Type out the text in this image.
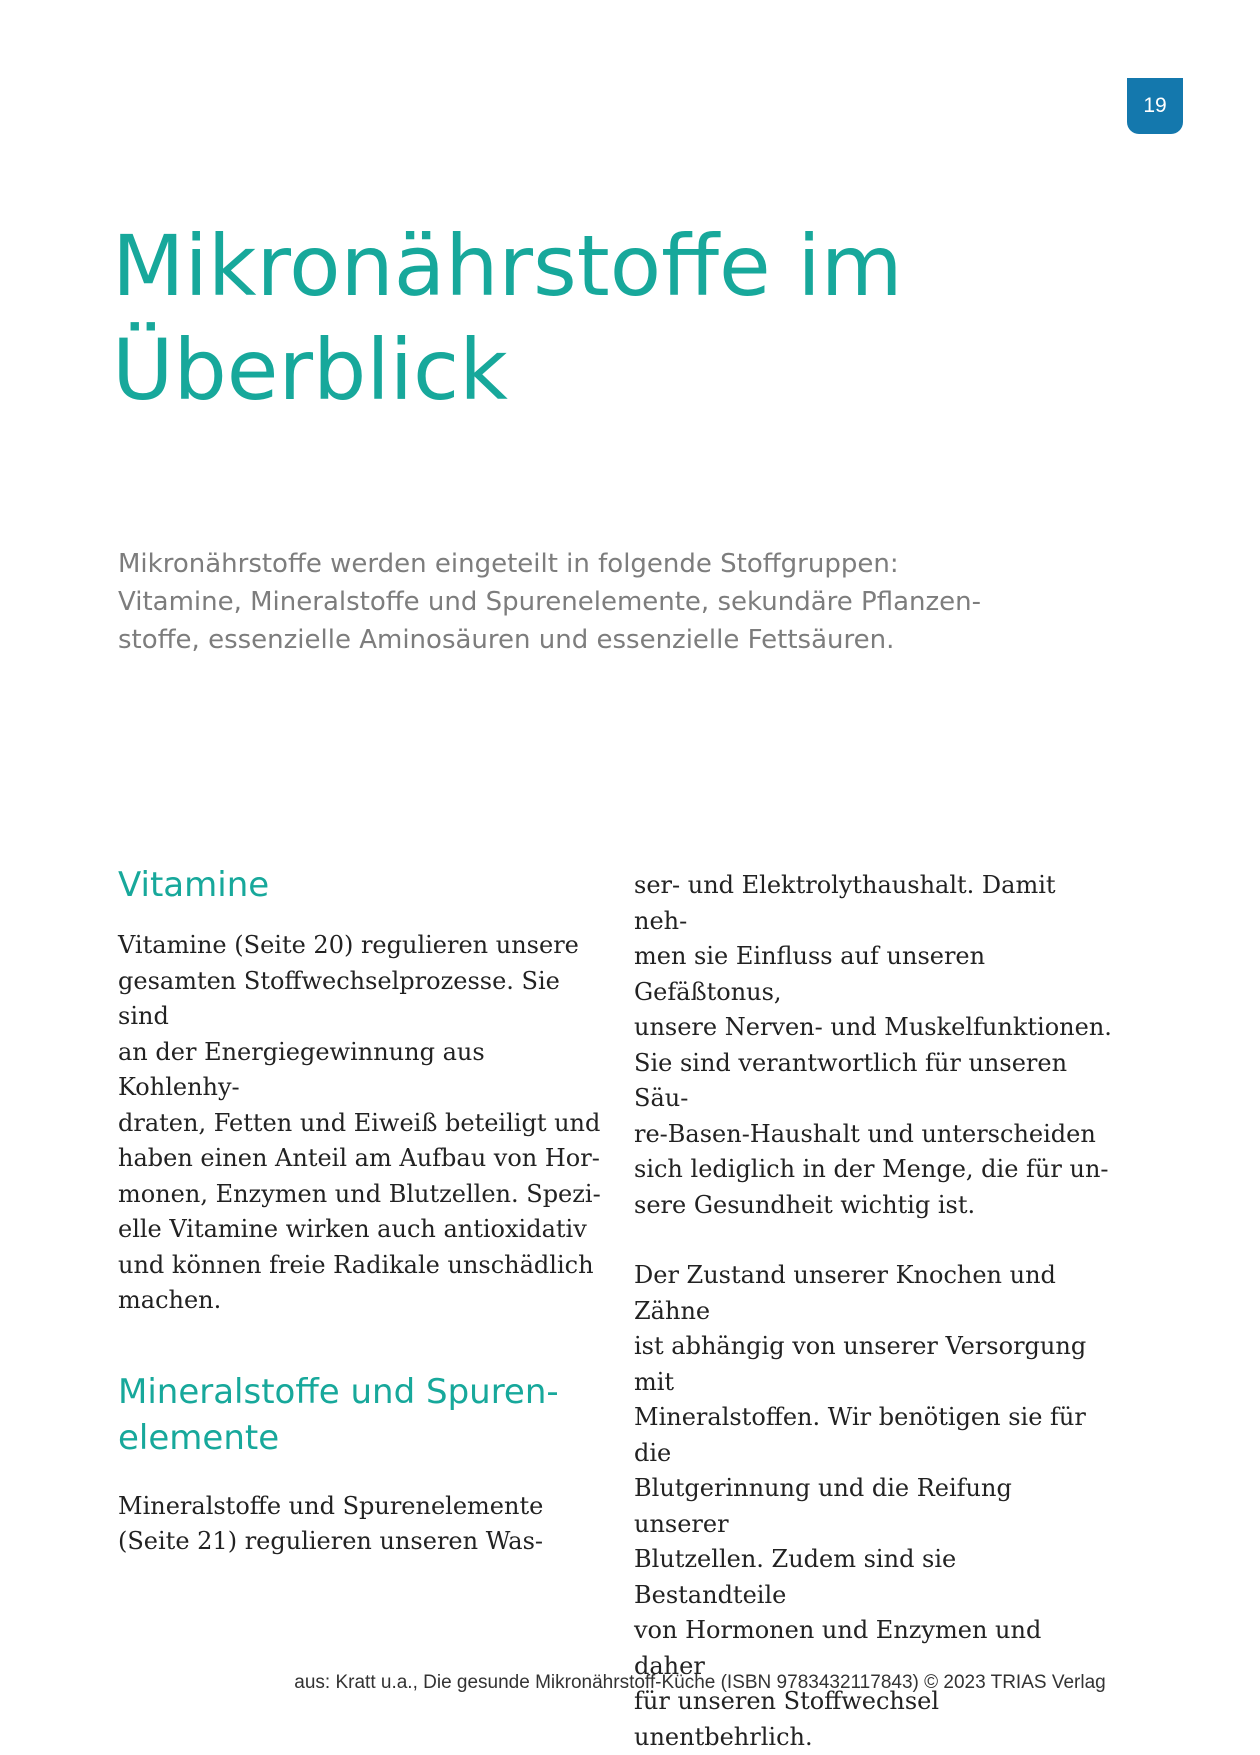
19
Mikronährstoffe im
Überblick

Mikronährstoffe werden eingeteilt in folgende Stoffgruppen:
Vitamine, Mineralstoffe und Spurenelemente, sekundäre Pflanzen-
stoffe, essenzielle Aminosäuren und essenzielle Fettsäuren.

Vitamine

Vitamine (Seite 20) regulieren unsere
gesamten Stoffwechselprozesse. Sie sind
an der Energiegewinnung aus Kohlenhy-
draten, Fetten und Eiweiß beteiligt und
haben einen Anteil am Aufbau von Hor-
monen, Enzymen und Blutzellen. Spezi-
elle Vitamine wirken auch antioxidativ
und können freie Radikale unschädlich
machen.

Mineralstoffe und Spuren-
elemente

Mineralstoffe und Spurenelemente
(Seite 21) regulieren unseren Was-

ser- und Elektrolythaushalt. Damit neh-
men sie Einfluss auf unseren Gefäßtonus,
unsere Nerven- und Muskelfunktionen.
Sie sind verantwortlich für unseren Säu-
re-Basen-Haushalt und unterscheiden
sich lediglich in der Menge, die für un-
sere Gesundheit wichtig ist.

Der Zustand unserer Knochen und Zähne
ist abhängig von unserer Versorgung mit
Mineralstoffen. Wir benötigen sie für die
Blutgerinnung und die Reifung unserer
Blutzellen. Zudem sind sie Bestandteile
von Hormonen und Enzymen und daher
für unseren Stoffwechsel unentbehrlich.

aus: Kratt u.a., Die gesunde Mikronährstoff-Küche (ISBN 9783432117843) © 2023 TRIAS Verlag
